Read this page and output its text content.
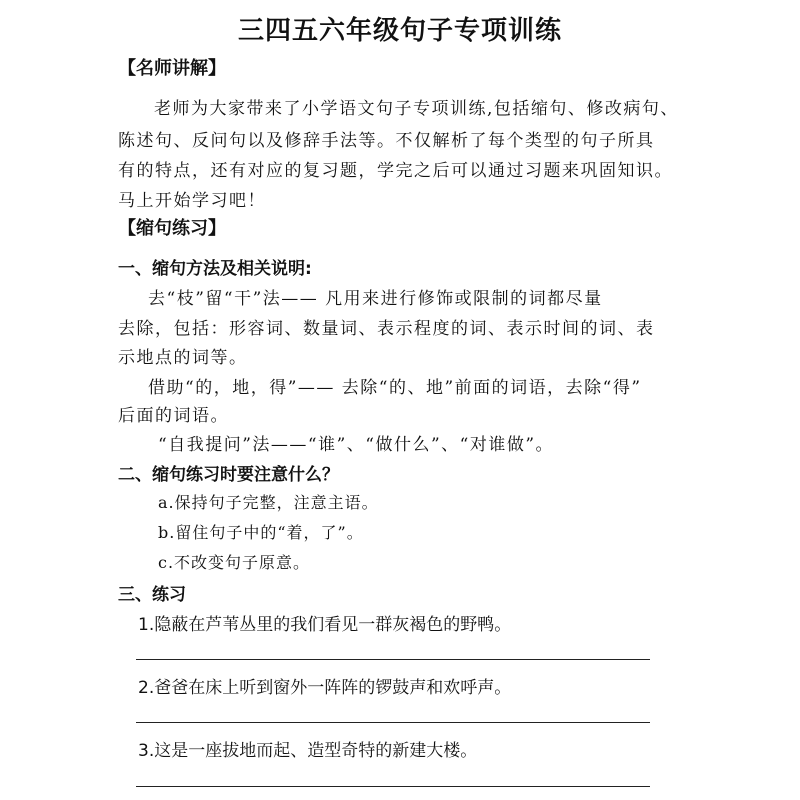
三四五六年级句子专项训练
【名师讲解】
老师为大家带来了小学语文句子专项训练,包括缩句、修改病句、
陈述句、反问句以及修辞手法等。不仅解析了每个类型的句子所具
有的特点，还有对应的复习题，学完之后可以通过习题来巩固知识。
马上开始学习吧！
【缩句练习】
一、缩句方法及相关说明:
去“枝”留“干”法—— 凡用来进行修饰或限制的词都尽量
去除，包括：形容词、数量词、表示程度的词、表示时间的词、表
示地点的词等。
借助“的，地，得”—— 去除“的、地”前面的词语，去除“得”
后面的词语。
“自我提问”法——“谁”、“做什么”、“对谁做”。
二、缩句练习时要注意什么？
a.保持句子完整，注意主语。
b.留住句子中的“着，了”。
c.不改变句子原意。
三、练习
1.隐蔽在芦苇丛里的我们看见一群灰褐色的野鸭。
2.爸爸在床上听到窗外一阵阵的锣鼓声和欢呼声。
3.这是一座拔地而起、造型奇特的新建大楼。
